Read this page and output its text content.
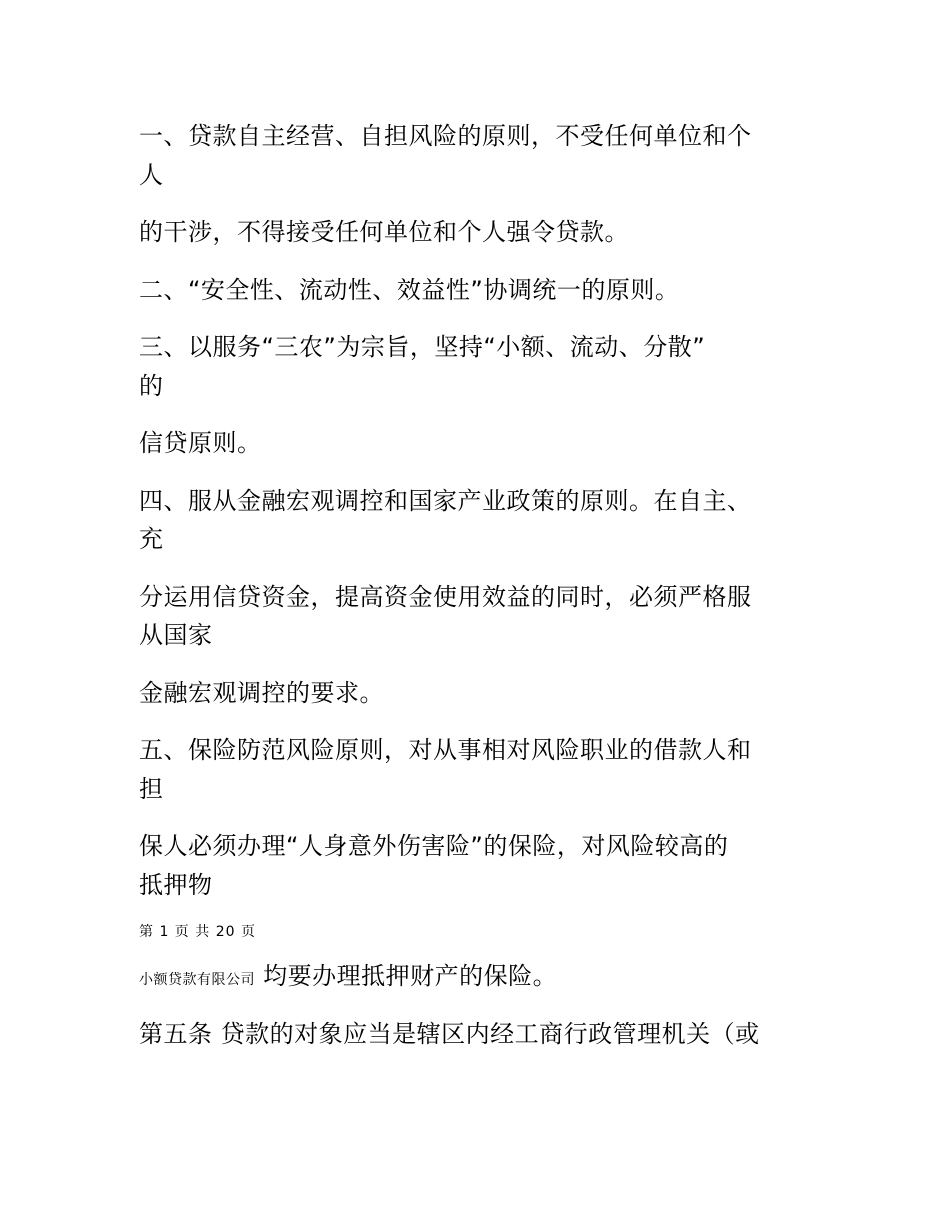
一、贷款自主经营、自担风险的原则，不受任何单位和个

人

的干涉，不得接受任何单位和个人强令贷款。

二、“安全性、流动性、效益性”协调统一的原则。

三、以服务“三农”为宗旨，坚持“小额、流动、分散”

的

信贷原则。

四、服从金融宏观调控和国家产业政策的原则。在自主、

充

分运用信贷资金，提高资金使用效益的同时，必须严格服

从国家

金融宏观调控的要求。

五、保险防范风险原则，对从事相对风险职业的借款人和

担

保人必须办理“人身意外伤害险”的保险，对风险较高的

抵押物

第 1 页 共 20 页

小额贷款有限公司 均要办理抵押财产的保险。

第五条 贷款的对象应当是辖区内经工商行政管理机关（或
